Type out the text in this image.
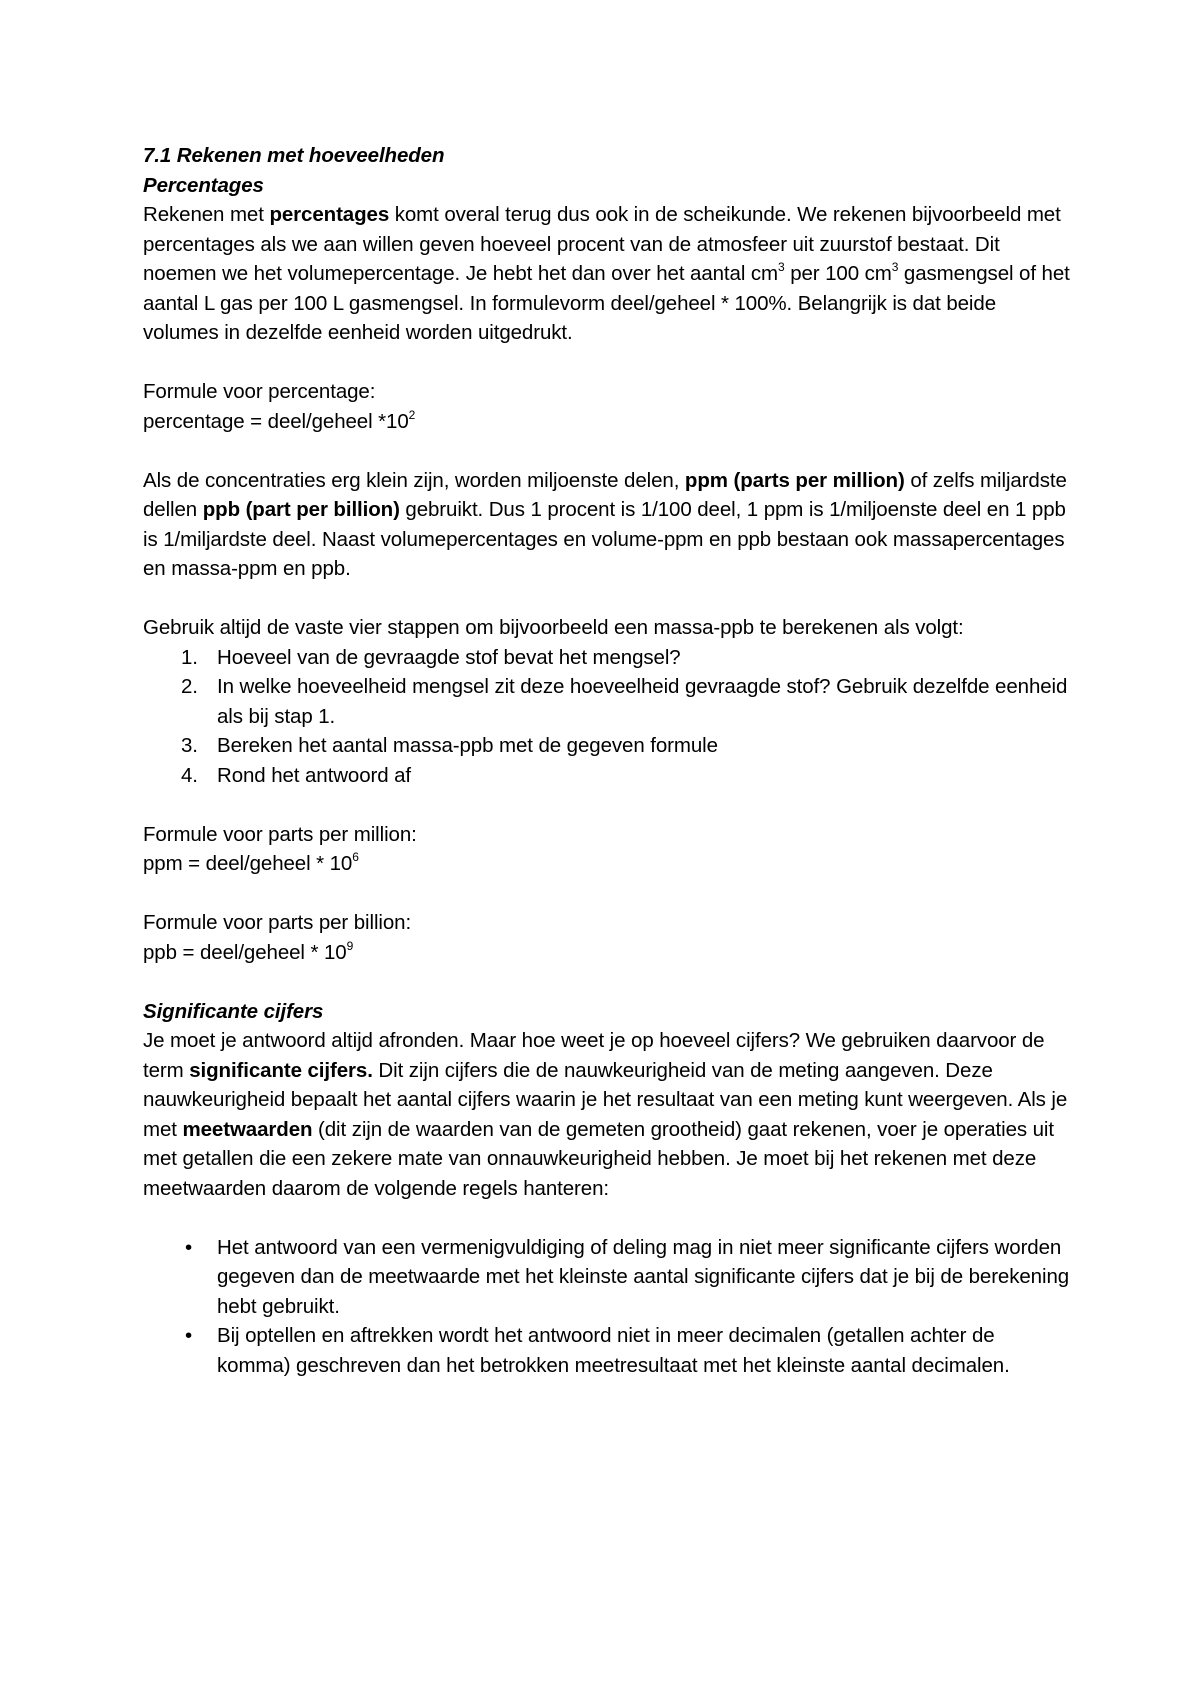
7.1 Rekenen met hoeveelheden

Percentages

Rekenen met percentages komt overal terug dus ook in de scheikunde. We rekenen bijvoorbeeld met percentages als we aan willen geven hoeveel procent van de atmosfeer uit zuurstof bestaat. Dit noemen we het volumepercentage. Je hebt het dan over het aantal $cm^3$ per 100 $cm^3$ gasmengsel of het aantal L gas per 100 L gasmengsel. In formulevorm deel/geheel * 100%. Belangrijk is dat beide volumes in dezelfde eenheid worden uitgedrukt.

Formule voor percentage:

percentage = deel/geheel $*10^2$

Als de concentraties erg klein zijn, worden miljoenste delen, ppm (parts per million) of zelfs miljardste dellen ppb (part per billion) gebruikt. Dus 1 procent is 1/100 deel, 1 ppm is 1/miljoenste deel en 1 ppb is 1/miljardste deel. Naast volumepercentages en volume-ppm en ppb bestaan ook massapercentages en massa-ppm en ppb.

Gebruik altijd de vaste vier stappen om bijvoorbeeld een massa-ppb te berekenen als volgt:

1. Hoeveel van de gevraagde stof bevat het mengsel?
2. In welke hoeveelheid mengsel zit deze hoeveelheid gevraagde stof? Gebruik dezelfde eenheid als bij stap 1.
3. Bereken het aantal massa-ppb met de gegeven formule
4. Rond het antwoord af

Formule voor parts per million:

ppm = deel/geheel * $10^6$

Formule voor parts per billion:

ppb = deel/geheel * $10^9$

Significante cijfers

Je moet je antwoord altijd afronden. Maar hoe weet je op hoeveel cijfers? We gebruiken daarvoor de term significante cijfers. Dit zijn cijfers die de nauwkeurigheid van de meting aangeven. Deze nauwkeurigheid bepaalt het aantal cijfers waarin je het resultaat van een meting kunt weergeven. Als je met meetwaarden (dit zijn de waarden van de gemeten grootheid) gaat rekenen, voer je operaties uit met getallen die een zekere mate van onnauwkeurigheid hebben. Je moet bij het rekenen met deze meetwaarden daarom de volgende regels hanteren:

• Het antwoord van een vermenigvuldiging of deling mag in niet meer significante cijfers worden gegeven dan de meetwaarde met het kleinste aantal significante cijfers dat je bij de berekening hebt gebruikt.
• Bij optellen en aftrekken wordt het antwoord niet in meer decimalen (getallen achter de komma) geschreven dan het betrokken meetresultaat met het kleinste aantal decimalen.
